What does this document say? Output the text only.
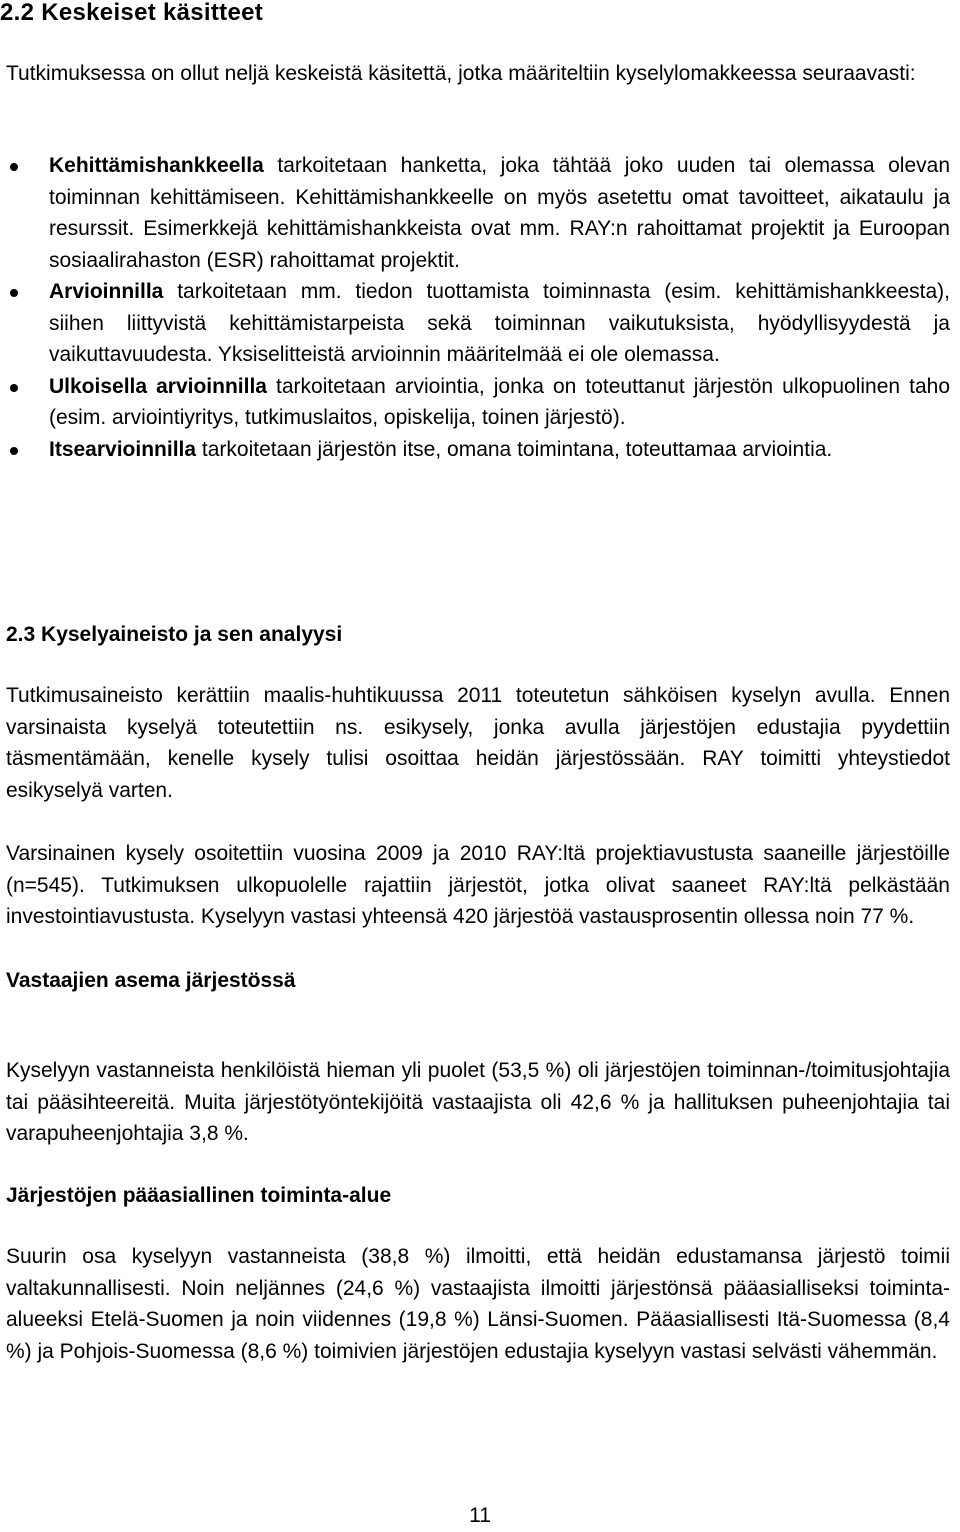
2.2 Keskeiset käsitteet

Tutkimuksessa on ollut neljä keskeistä käsitettä, jotka määriteltiin kyselylomakkeessa seuraavasti:

Kehittämishankkeella tarkoitetaan hanketta, joka tähtää joko uuden tai olemassa olevan toiminnan kehittämiseen. Kehittämishankkeelle on myös asetettu omat tavoitteet, aikataulu ja resurssit. Esimerkkejä kehittämishankkeista ovat mm. RAY:n rahoittamat projektit ja Euroopan sosiaalirahaston (ESR) rahoittamat projektit.
Arvioinnilla tarkoitetaan mm. tiedon tuottamista toiminnasta (esim. kehittämishankkeesta), siihen liittyvistä kehittämistarpeista sekä toiminnan vaikutuksista, hyödyllisyydestä ja vaikuttavuudesta. Yksiselitteistä arvioinnin määritelmää ei ole olemassa.
Ulkoisella arvioinnilla tarkoitetaan arviointia, jonka on toteuttanut järjestön ulkopuolinen taho (esim. arviointiyritys, tutkimuslaitos, opiskelija, toinen järjestö).
Itsearvioinnilla tarkoitetaan järjestön itse, omana toimintana, toteuttamaa arviointia.
2.3 Kyselyaineisto ja sen analyysi

Tutkimusaineisto kerättiin maalis-huhtikuussa 2011 toteutetun sähköisen kyselyn avulla. Ennen varsinaista kyselyä toteutettiin ns. esikysely, jonka avulla järjestöjen edustajia pyydettiin täsmentämään, kenelle kysely tulisi osoittaa heidän järjestössään. RAY toimitti yhteystiedot esikyselyä varten.

Varsinainen kysely osoitettiin vuosina 2009 ja 2010 RAY:ltä projektiavustusta saaneille järjestöille (n=545). Tutkimuksen ulkopuolelle rajattiin järjestöt, jotka olivat saaneet RAY:ltä pelkästään investointiavustusta. Kyselyyn vastasi yhteensä 420 järjestöä vastausprosentin ollessa noin 77 %.

Vastaajien asema järjestössä

Kyselyyn vastanneista henkilöistä hieman yli puolet (53,5 %) oli järjestöjen toiminnan-/toimitusjohtajia tai pääsihteereitä. Muita järjestötyöntekijöitä vastaajista oli 42,6 % ja hallituksen puheenjohtajia tai varapuheenjohtajia 3,8 %.

Järjestöjen pääasiallinen toiminta-alue

Suurin osa kyselyyn vastanneista (38,8 %) ilmoitti, että heidän edustamansa järjestö toimii valtakunnallisesti. Noin neljännes (24,6 %) vastaajista ilmoitti järjestönsä pääasialliseksi toiminta-alueeksi Etelä-Suomen ja noin viidennes (19,8 %) Länsi-Suomen. Pääasiallisesti Itä-Suomessa (8,4 %) ja Pohjois-Suomessa (8,6 %) toimivien järjestöjen edustajia kyselyyn vastasi selvästi vähemmän.

11
